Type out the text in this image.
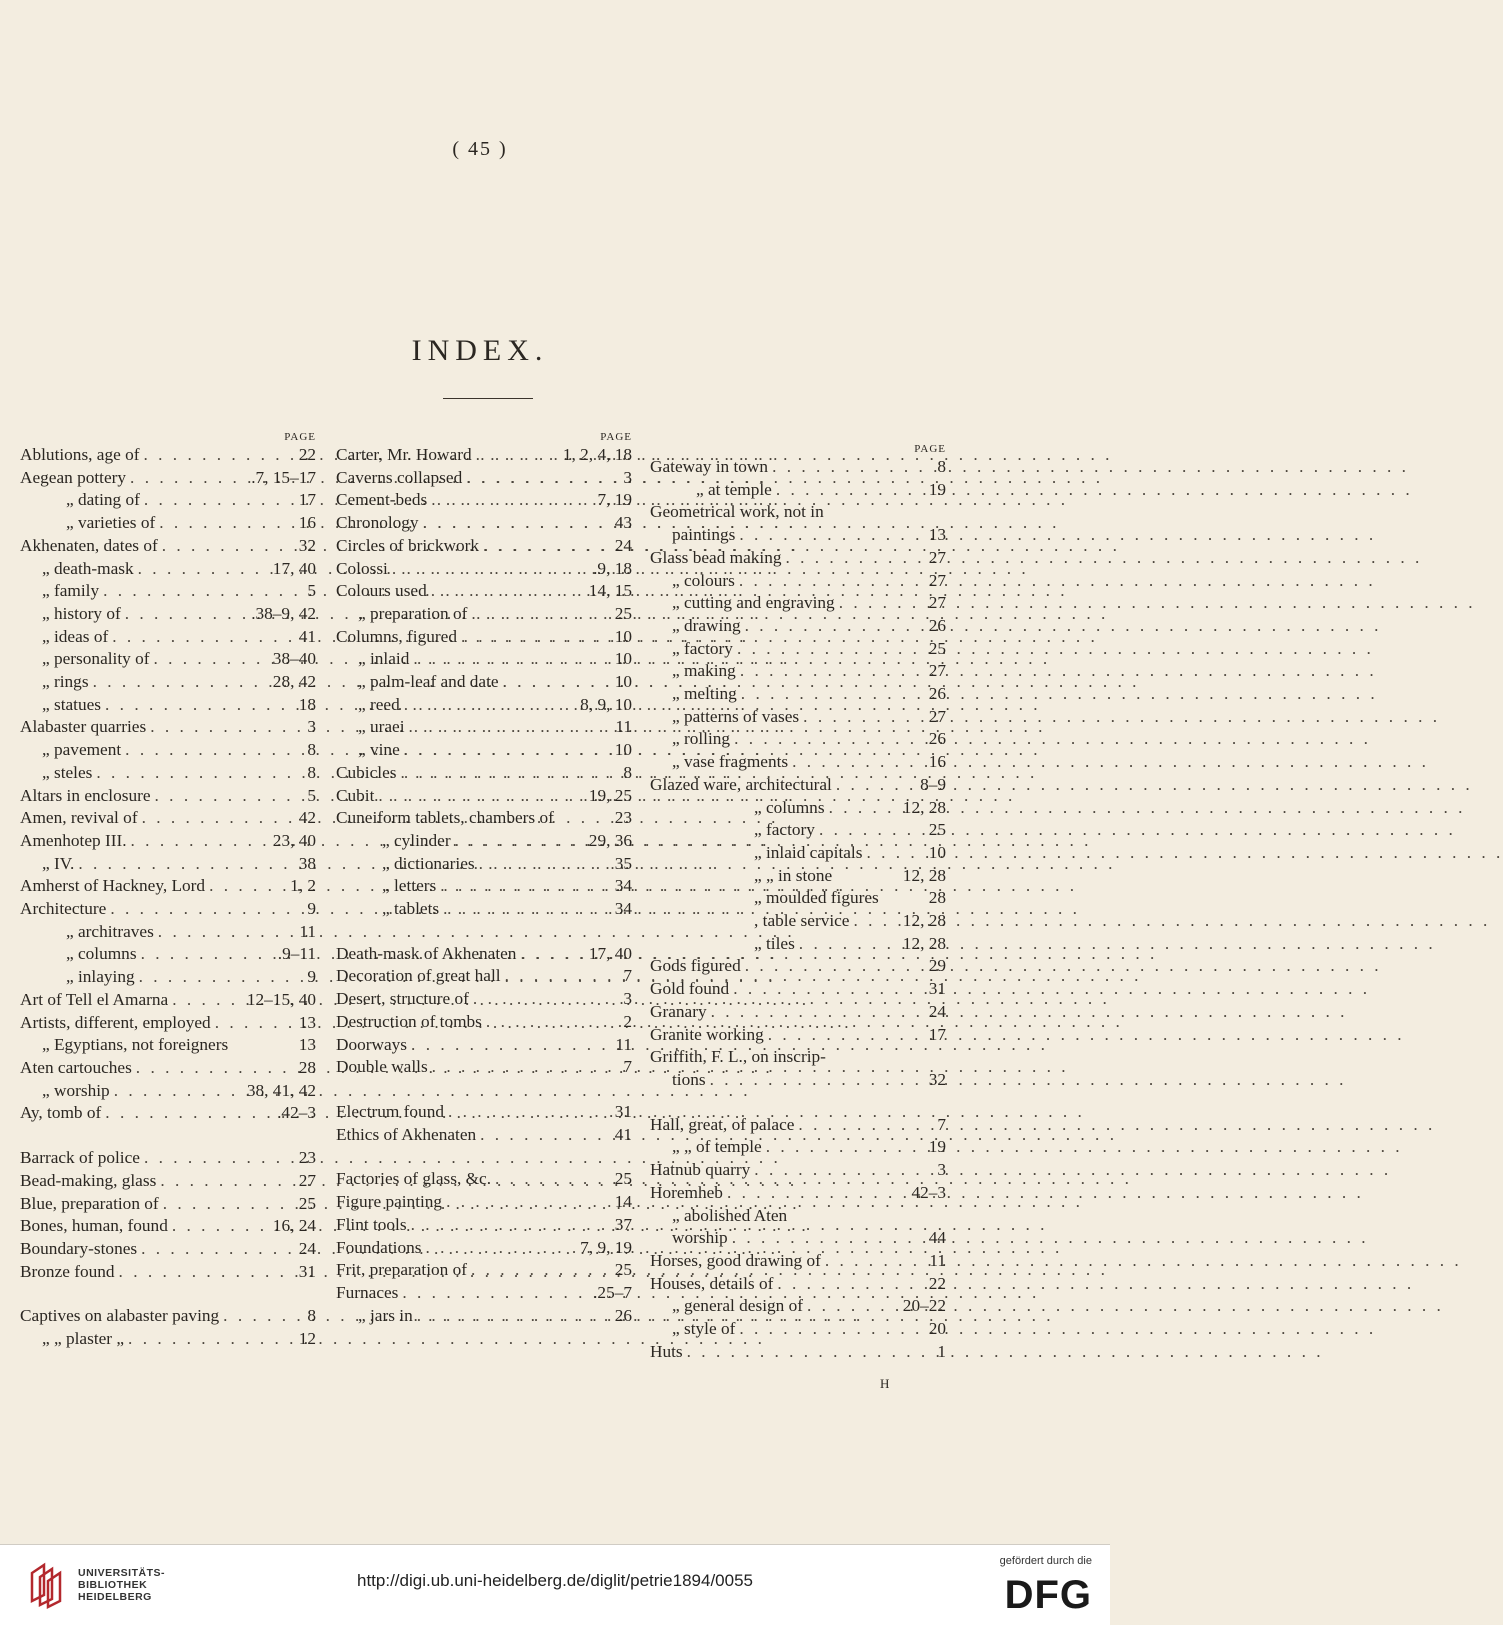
( 45 )
INDEX.
PAGE
Ablutions, age of . . .	22
Aegean pottery . . .	.7, 15–17
„ dating of . . .	17
„ varieties of . . .	16
Akhenaten, dates of . . .	32
„ death-mask . . .	17, 40
„ family . . .	5
„ history of . . .	.38–9, 42
„ ideas of . . .	41
„ personality of . . .	38–40
„ rings . . .	28, 42
„ statues . . .	18
Alabaster quarries . . .	3
„ pavement . . .	8
„ steles . . .	8
Altars in enclosure . . .	5
Amen, revival of . . .	42
Amenhotep III. . . .	23, 40
„ IV. . . .	38
Amherst of Hackney, Lord . . .	1, 2
Architecture . . .	9
„ architraves . . .	11
„ columns . . .	.9–11
„ inlaying . . .	9
Art of Tell el Amarna . . .	12–15, 40
Artists, different, employed . . .	13
„ Egyptians, not foreigners	13
Aten cartouches . . .	28
„ worship . . .	38, 41, 42
Ay, tomb of . . .	.42–3
Barrack of police . . .	23
Bead-making, glass . . .	27
Blue, preparation of . . .	25
Bones, human, found . . .	16, 24
Boundary-stones . . .	24
Bronze found . . .	31
Captives on alabaster paving . . .	8
„ „ plaster „ . . .	12
PAGE
Carter, Mr. Howard . . .	1, 2, 4, 18
Caverns collapsed . . .	3
Cement-beds . . .	7, 19
Chronology . . .	43
Circles of brickwork . . .	24
Colossi . . .	.9, 18
Colours used . . .	14, 15
„ preparation of . . .	25
Columns, figured . . .	10
„ inlaid . . .	10
„ palm-leaf and date . . .	10
„ reed . . .	8, 9, 10
„ uraei . . .	11
„ vine . . .	10
Cubicles . . .	8
Cubit . . .	19, 25
Cuneiform tablets, chambers of	23
„ cylinder . . .	29, 36
„ dictionaries . . .	35
„ letters . . .	34
„ tablets . . .	34
Death-mask of Akhenaten . . .	17, 40
Decoration of great hall . . .	7
Desert, structure of . . .	3
Destruction of tombs . . .	2
Doorways . . .	11
Double walls . . .	7
Electrum found . . .	31
Ethics of Akhenaten . . .	41
Factories of glass, &c. . . .	25
Figure painting . . .	14
Flint tools . . .	37
Foundations . . .	7, 9, 19
Frit, preparation of . . .	25
Furnaces . . .	.25–7
„ jars in . . .	26
PAGE
Gateway in town . . .	8
„ at temple . . .	19
Geometrical work, not in
paintings . . .	13
Glass bead making . . .	27
„ colours . . .	27
„ cutting and engraving . . .	27
„ drawing . . .	26
„ factory . . .	25
„ making . . .	27
„ melting . . .	26
„ patterns of vases . . .	27
„ rolling . . .	26
„ vase fragments . . .	16
Glazed ware, architectural . . .	8–9
„ columns . . .	12, 28
„ factory . . .	25
„ inlaid capitals . . .	10
„ „ in stone	12, 28
„ moulded figures	28
, table service . . .	12, 28
„ tiles . . .	12, 28
Gods figured . . .	29
Gold found . . .	31
Granary . . .	24
Granite working . . .	17
Griffith, F. L., on inscrip-
tions . . .	32
Hall, great, of palace . . .	7
„ „ of temple . . .	19
Hatnub quarry . . .	3
Horemheb . . .	42–3
„ abolished Aten
worship . . .	44
Horses, good drawing of . . .	11
Houses, details of . . .	22
„ general design of . . .	20–22
„ style of . . .	20
Huts . . .	1
H
UNIVERSITÄTS-
BIBLIOTHEK
HEIDELBERG
http://digi.ub.uni-heidelberg.de/diglit/petrie1894/0055
gefördert durch die
DFG
